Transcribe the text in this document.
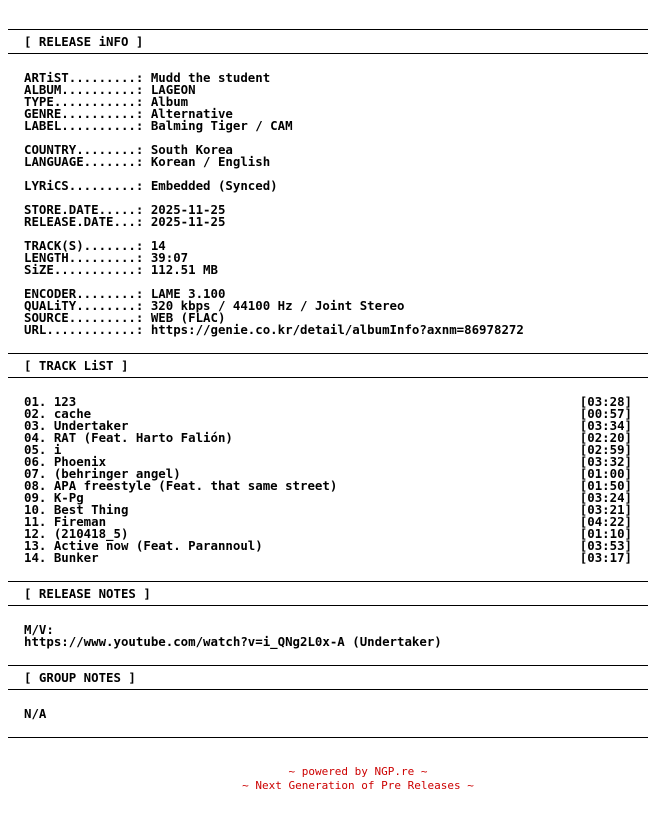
[ RELEASE iNFO ]
ARTiST.........: Mudd the student
ALBUM..........: LAGEON
TYPE...........: Album
GENRE..........: Alternative
LABEL..........: Balming Tiger / CAM
COUNTRY........: South Korea
LANGUAGE.......: Korean / English
LYRiCS.........: Embedded (Synced)
STORE.DATE.....: 2025-11-25
RELEASE.DATE...: 2025-11-25
TRACK(S).......: 14
LENGTH.........: 39:07
SiZE...........: 112.51 MB
ENCODER........: LAME 3.100
QUALiTY........: 320 kbps / 44100 Hz / Joint Stereo
SOURCE.........: WEB (FLAC)
URL............: https://genie.co.kr/detail/albumInfo?axnm=86978272
[ TRACK LiST ]
01. 123	[03:28]
02. cache	[00:57]
03. Undertaker	[03:34]
04. RAT (Feat. Harto Falión)	[02:20]
05. i	[02:59]
06. Phoenix	[03:32]
07. (behringer angel)	[01:00]
08. APA freestyle (Feat. that same street)	[01:50]
09. K-Pg	[03:24]
10. Best Thing	[03:21]
11. Fireman	[04:22]
12. (210418_5)	[01:10]
13. Active now (Feat. Parannoul)	[03:53]
14. Bunker	[03:17]
[ RELEASE NOTES ]
M/V:
https://www.youtube.com/watch?v=i_QNg2L0x-A (Undertaker)
[ GROUP NOTES ]
N/A
~ powered by NGP.re ~
~ Next Generation of Pre Releases ~
